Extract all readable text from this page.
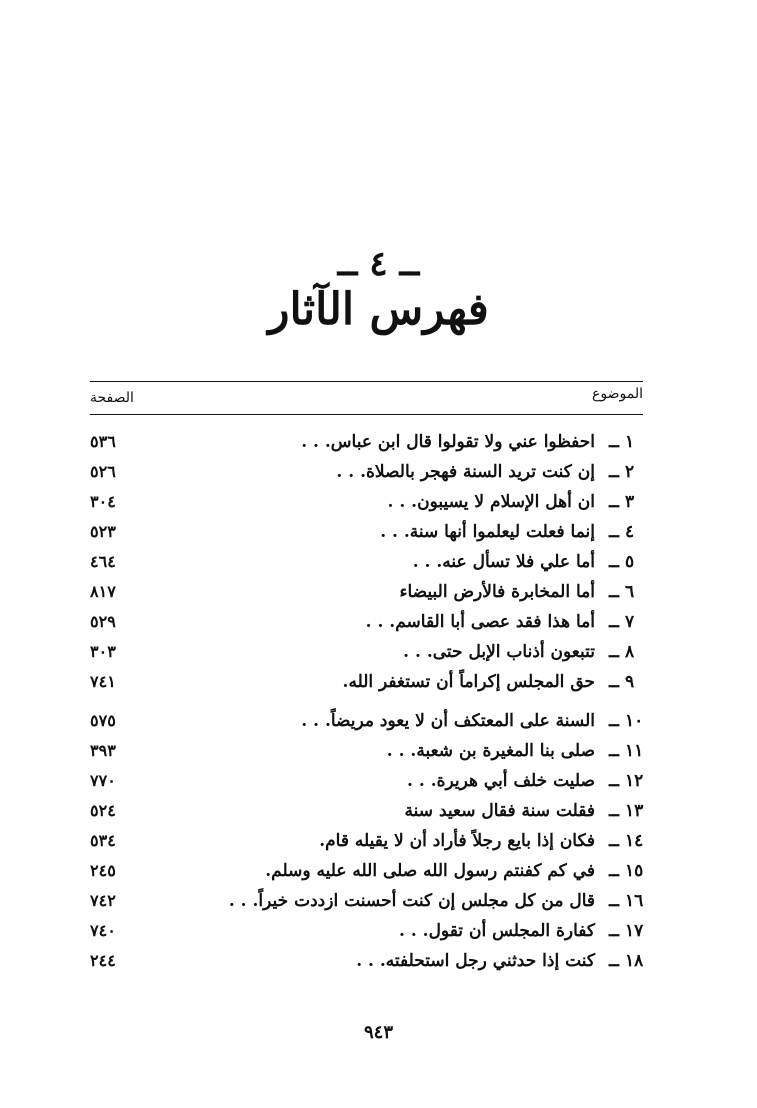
ــ ٤ ــ
فهرس الآثار
الموضوع
الصفحة
١
ــ
احفظوا عني ولا تقولوا قال ابن عباس. . .
٥٣٦
٢
ــ
إن كنت تريد السنة فهجر بالصلاة. . .
٥٢٦
٣
ــ
ان أهل الإسلام لا يسيبون. . .
٣٠٤
٤
ــ
إنما فعلت ليعلموا أنها سنة. . .
٥٢٣
٥
ــ
أما علي فلا تسأل عنه. . .
٤٦٤
٦
ــ
أما المخابرة فالأرض البيضاء
٨١٧
٧
ــ
أما هذا فقد عصى أبا القاسم. . .
٥٢٩
٨
ــ
تتبعون أذناب الإبل حتى. . .
٣٠٣
٩
ــ
حق المجلس إكراماً أن تستغفر الله.
٧٤١
١٠
ــ
السنة على المعتكف أن لا يعود مريضاً. . .
٥٧٥
١١
ــ
صلى بنا المغيرة بن شعبة. . .
٣٩٣
١٢
ــ
صليت خلف أبي هريرة. . .
٧٧٠
١٣
ــ
فقلت سنة فقال سعيد سنة
٥٢٤
١٤
ــ
فكان إذا بايع رجلاً فأراد أن لا يقيله قام.
٥٣٤
١٥
ــ
في كم كفنتم رسول الله صلى الله عليه وسلم.
٢٤٥
١٦
ــ
قال من كل مجلس إن كنت أحسنت ازددت خيراً. . .
٧٤٢
١٧
ــ
كفارة المجلس أن تقول. . .
٧٤٠
١٨
ــ
كنت إذا حدثني رجل استحلفته. . .
٢٤٤
٩٤٣
